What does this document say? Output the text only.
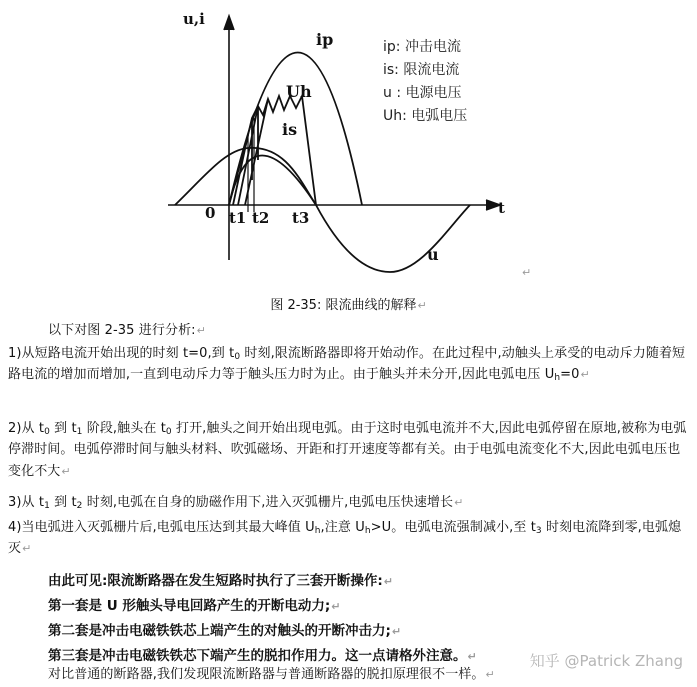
u,i
t
0 t1 t2 t3
ip
Uh
is
u
ip: 冲击电流
is: 限流电流
u : 电源电压
Uh: 电弧电压
↵
图 2-35: 限流曲线的解释↵
以下对图 2-35 进行分析:↵
1)从短路电流开始出现的时刻 t=0,到 $t_0$ 时刻,限流断路器即将开始动作。在此过程中,动触头上承受的电动斥力随着短路电流的增加而增加,一直到电动斥力等于触头压力时为止。由于触头并未分开,因此电弧电压 $U_h=0↵$
2)从 $t_0$ 到 $t_1$ 阶段,触头在 $t_0$ 打开,触头之间开始出现电弧。由于这时电弧电流并不大,因此电弧停留在原地,被称为电弧停滞时间。电弧停滞时间与触头材料、吹弧磁场、开距和打开速度等都有关。由于电弧电流变化不大,因此电弧电压也变化不大↵
3)从 $t_1$ 到 $t_2$ 时刻,电弧在自身的励磁作用下,进入灭弧栅片,电弧电压快速增长↵
4)当电弧进入灭弧栅片后,电弧电压达到其最大峰值 $U_h$,注意 $U_h>U$。电弧电流强制减小,至 $t_3$ 时刻电流降到零,电弧熄灭↵
由此可见:限流断路器在发生短路时执行了三套开断操作:↵
第一套是 U 形触头导电回路产生的开断电动力;↵
第二套是冲击电磁铁铁芯上端产生的对触头的开断冲击力;↵
第三套是冲击电磁铁铁芯下端产生的脱扣作用力。这一点请格外注意。↵
对比普通的断路器,我们发现限流断路器与普通断路器的脱扣原理很不一样。↵
知乎 @Patrick Zhang
